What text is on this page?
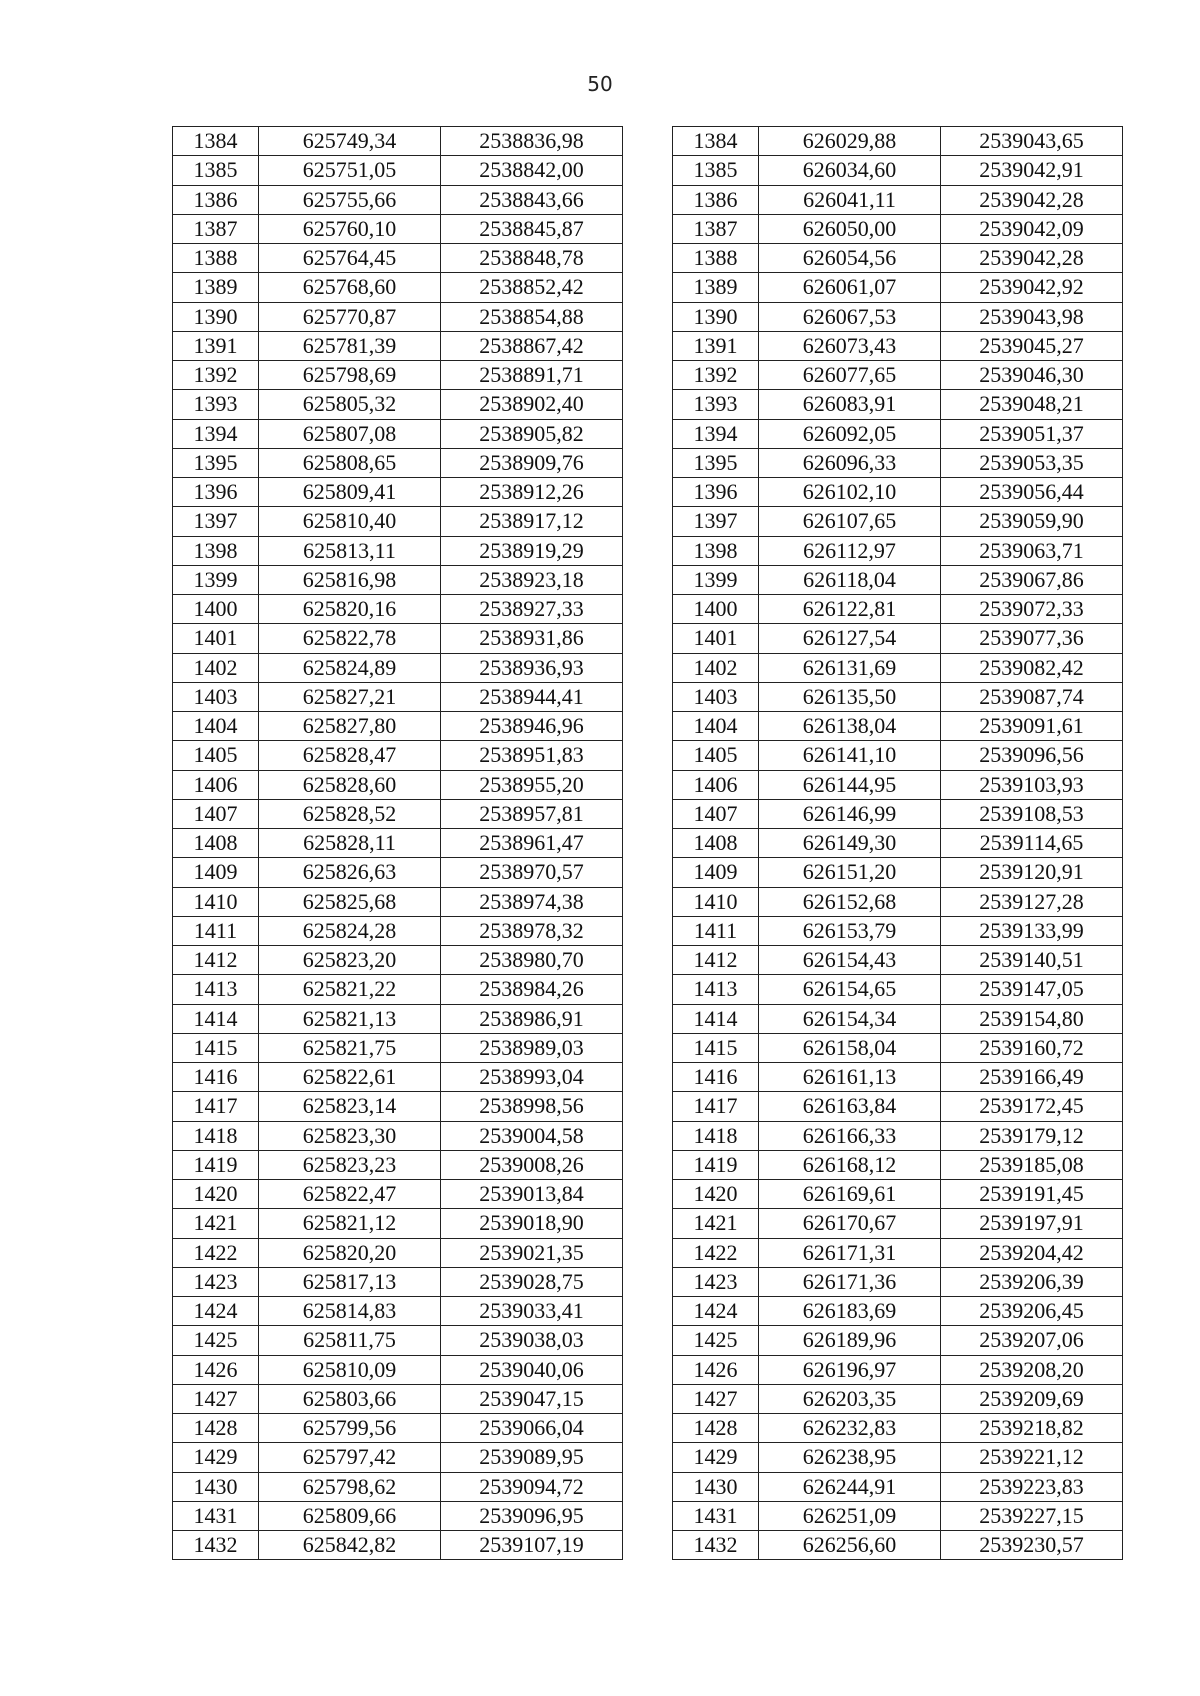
50
1384	625749,34	2538836,98		1384	626029,88	2539043,65
1385	625751,05	2538842,00		1385	626034,60	2539042,91
1386	625755,66	2538843,66		1386	626041,11	2539042,28
1387	625760,10	2538845,87		1387	626050,00	2539042,09
1388	625764,45	2538848,78		1388	626054,56	2539042,28
1389	625768,60	2538852,42		1389	626061,07	2539042,92
1390	625770,87	2538854,88		1390	626067,53	2539043,98
1391	625781,39	2538867,42		1391	626073,43	2539045,27
1392	625798,69	2538891,71		1392	626077,65	2539046,30
1393	625805,32	2538902,40		1393	626083,91	2539048,21
1394	625807,08	2538905,82		1394	626092,05	2539051,37
1395	625808,65	2538909,76		1395	626096,33	2539053,35
1396	625809,41	2538912,26		1396	626102,10	2539056,44
1397	625810,40	2538917,12		1397	626107,65	2539059,90
1398	625813,11	2538919,29		1398	626112,97	2539063,71
1399	625816,98	2538923,18		1399	626118,04	2539067,86
1400	625820,16	2538927,33		1400	626122,81	2539072,33
1401	625822,78	2538931,86		1401	626127,54	2539077,36
1402	625824,89	2538936,93		1402	626131,69	2539082,42
1403	625827,21	2538944,41		1403	626135,50	2539087,74
1404	625827,80	2538946,96		1404	626138,04	2539091,61
1405	625828,47	2538951,83		1405	626141,10	2539096,56
1406	625828,60	2538955,20		1406	626144,95	2539103,93
1407	625828,52	2538957,81		1407	626146,99	2539108,53
1408	625828,11	2538961,47		1408	626149,30	2539114,65
1409	625826,63	2538970,57		1409	626151,20	2539120,91
1410	625825,68	2538974,38		1410	626152,68	2539127,28
1411	625824,28	2538978,32		1411	626153,79	2539133,99
1412	625823,20	2538980,70		1412	626154,43	2539140,51
1413	625821,22	2538984,26		1413	626154,65	2539147,05
1414	625821,13	2538986,91		1414	626154,34	2539154,80
1415	625821,75	2538989,03		1415	626158,04	2539160,72
1416	625822,61	2538993,04		1416	626161,13	2539166,49
1417	625823,14	2538998,56		1417	626163,84	2539172,45
1418	625823,30	2539004,58		1418	626166,33	2539179,12
1419	625823,23	2539008,26		1419	626168,12	2539185,08
1420	625822,47	2539013,84		1420	626169,61	2539191,45
1421	625821,12	2539018,90		1421	626170,67	2539197,91
1422	625820,20	2539021,35		1422	626171,31	2539204,42
1423	625817,13	2539028,75		1423	626171,36	2539206,39
1424	625814,83	2539033,41		1424	626183,69	2539206,45
1425	625811,75	2539038,03		1425	626189,96	2539207,06
1426	625810,09	2539040,06		1426	626196,97	2539208,20
1427	625803,66	2539047,15		1427	626203,35	2539209,69
1428	625799,56	2539066,04		1428	626232,83	2539218,82
1429	625797,42	2539089,95		1429	626238,95	2539221,12
1430	625798,62	2539094,72		1430	626244,91	2539223,83
1431	625809,66	2539096,95		1431	626251,09	2539227,15
1432	625842,82	2539107,19		1432	626256,60	2539230,57
